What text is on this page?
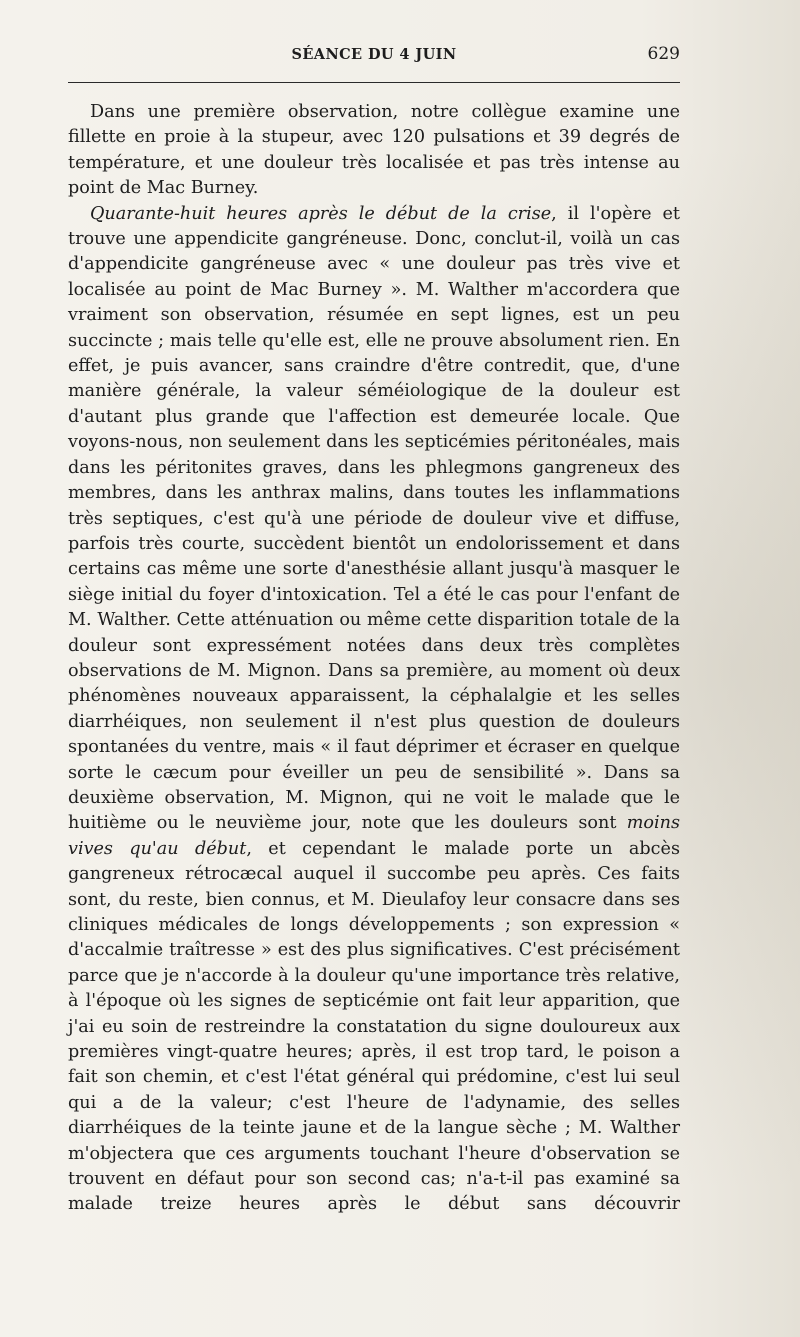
SÉANCE DU 4 JUIN	629

Dans une première observation, notre collègue examine une fillette en proie à la stupeur, avec 120 pulsations et 39 degrés de température, et une douleur très localisée et pas très intense au point de Mac Burney.

Quarante-huit heures après le début de la crise, il l'opère et trouve une appendicite gangréneuse. Donc, conclut-il, voilà un cas d'appendicite gangréneuse avec « une douleur pas très vive et localisée au point de Mac Burney ». M. Walther m'accordera que vraiment son observation, résumée en sept lignes, est un peu succincte ; mais telle qu'elle est, elle ne prouve absolument rien. En effet, je puis avancer, sans craindre d'être contredit, que, d'une manière générale, la valeur séméiologique de la douleur est d'autant plus grande que l'affection est demeurée locale. Que voyons-nous, non seulement dans les septicémies péritonéales, mais dans les péritonites graves, dans les phlegmons gangreneux des membres, dans les anthrax malins, dans toutes les inflammations très septiques, c'est qu'à une période de douleur vive et diffuse, parfois très courte, succèdent bientôt un endolorissement et dans certains cas même une sorte d'anesthésie allant jusqu'à masquer le siège initial du foyer d'intoxication. Tel a été le cas pour l'enfant de M. Walther. Cette atténuation ou même cette disparition totale de la douleur sont expressément notées dans deux très complètes observations de M. Mignon. Dans sa première, au moment où deux phénomènes nouveaux apparaissent, la céphalalgie et les selles diarrhéiques, non seulement il n'est plus question de douleurs spontanées du ventre, mais « il faut déprimer et écraser en quelque sorte le cæcum pour éveiller un peu de sensibilité ». Dans sa deuxième observation, M. Mignon, qui ne voit le malade que le huitième ou le neuvième jour, note que les douleurs sont moins vives qu'au début, et cependant le malade porte un abcès gangreneux rétrocæcal auquel il succombe peu après. Ces faits sont, du reste, bien connus, et M. Dieulafoy leur consacre dans ses cliniques médicales de longs développements ; son expression « d'accalmie traîtresse » est des plus significatives. C'est précisément parce que je n'accorde à la douleur qu'une importance très relative, à l'époque où les signes de septicémie ont fait leur apparition, que j'ai eu soin de restreindre la constatation du signe douloureux aux premières vingt-quatre heures; après, il est trop tard, le poison a fait son chemin, et c'est l'état général qui prédomine, c'est lui seul qui a de la valeur; c'est l'heure de l'adynamie, des selles diarrhéiques de la teinte jaune et de la langue sèche ; M. Walther m'objectera que ces arguments touchant l'heure d'observation se trouvent en défaut pour son second cas; n'a-t-il pas examiné sa malade treize heures après le début sans découvrir
